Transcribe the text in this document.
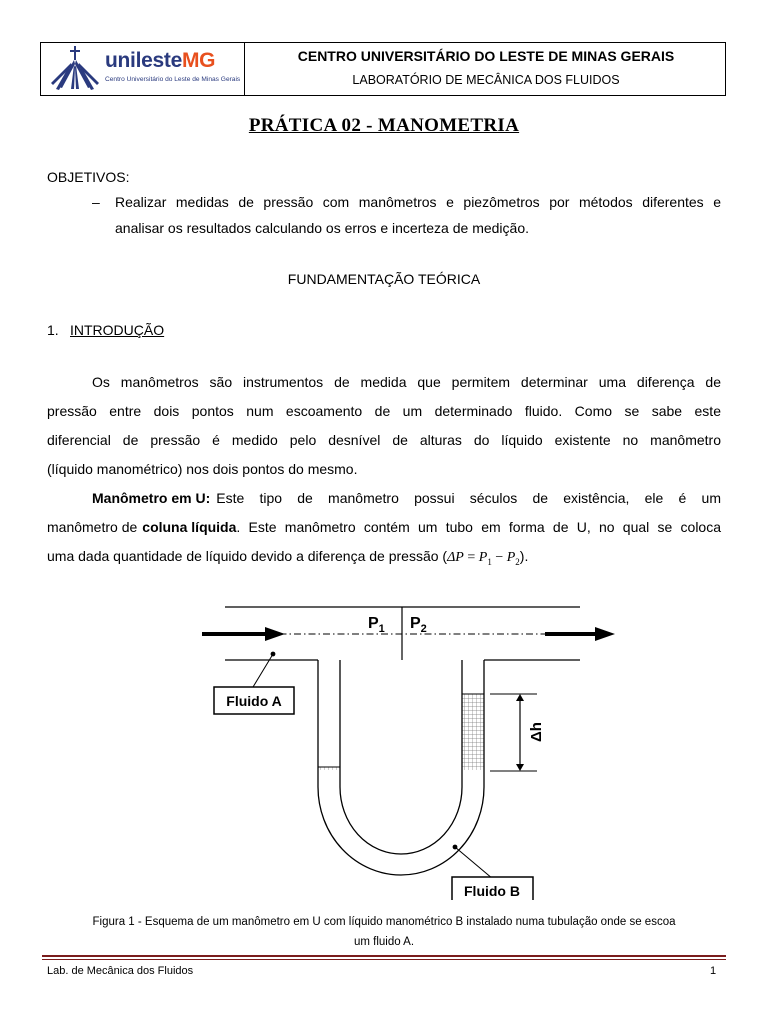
unilesteMG
Centro Universitário do Leste de Minas Gerais
CENTRO UNIVERSITÁRIO DO LESTE DE MINAS GERAIS
LABORATÓRIO DE MECÂNICA DOS FLUIDOS
PRÁTICA 02 - MANOMETRIA
OBJETIVOS:
– Realizar medidas de pressão com manômetros e piezômetros por métodos diferentes e
analisar os resultados calculando os erros e incerteza de medição.
FUNDAMENTAÇÃO TEÓRICA
1. INTRODUÇÃO
Os manômetros são instrumentos de medida que permitem determinar uma diferença de
pressão entre dois pontos num escoamento de um determinado fluido. Como se sabe este
diferencial de pressão é medido pelo desnível de alturas do líquido existente no manômetro
(líquido manométrico) nos dois pontos do mesmo.
Manômetro em U: Este tipo de manômetro possui séculos de existência, ele é um
manômetro de coluna líquida . Este manômetro contém um tubo em forma de U, no qual se coloca
uma dada quantidade de líquido devido a diferença de pressão $(\Delta P = P_1 - P_2)$.
Fluido A
Fluido B
$P_1$ $P_2$
Δh
Figura 1 - Esquema de um manômetro em U com líquido manométrico B instalado numa tubulação onde se escoa
um fluido A.
Lab. de Mecânica dos Fluidos	1
